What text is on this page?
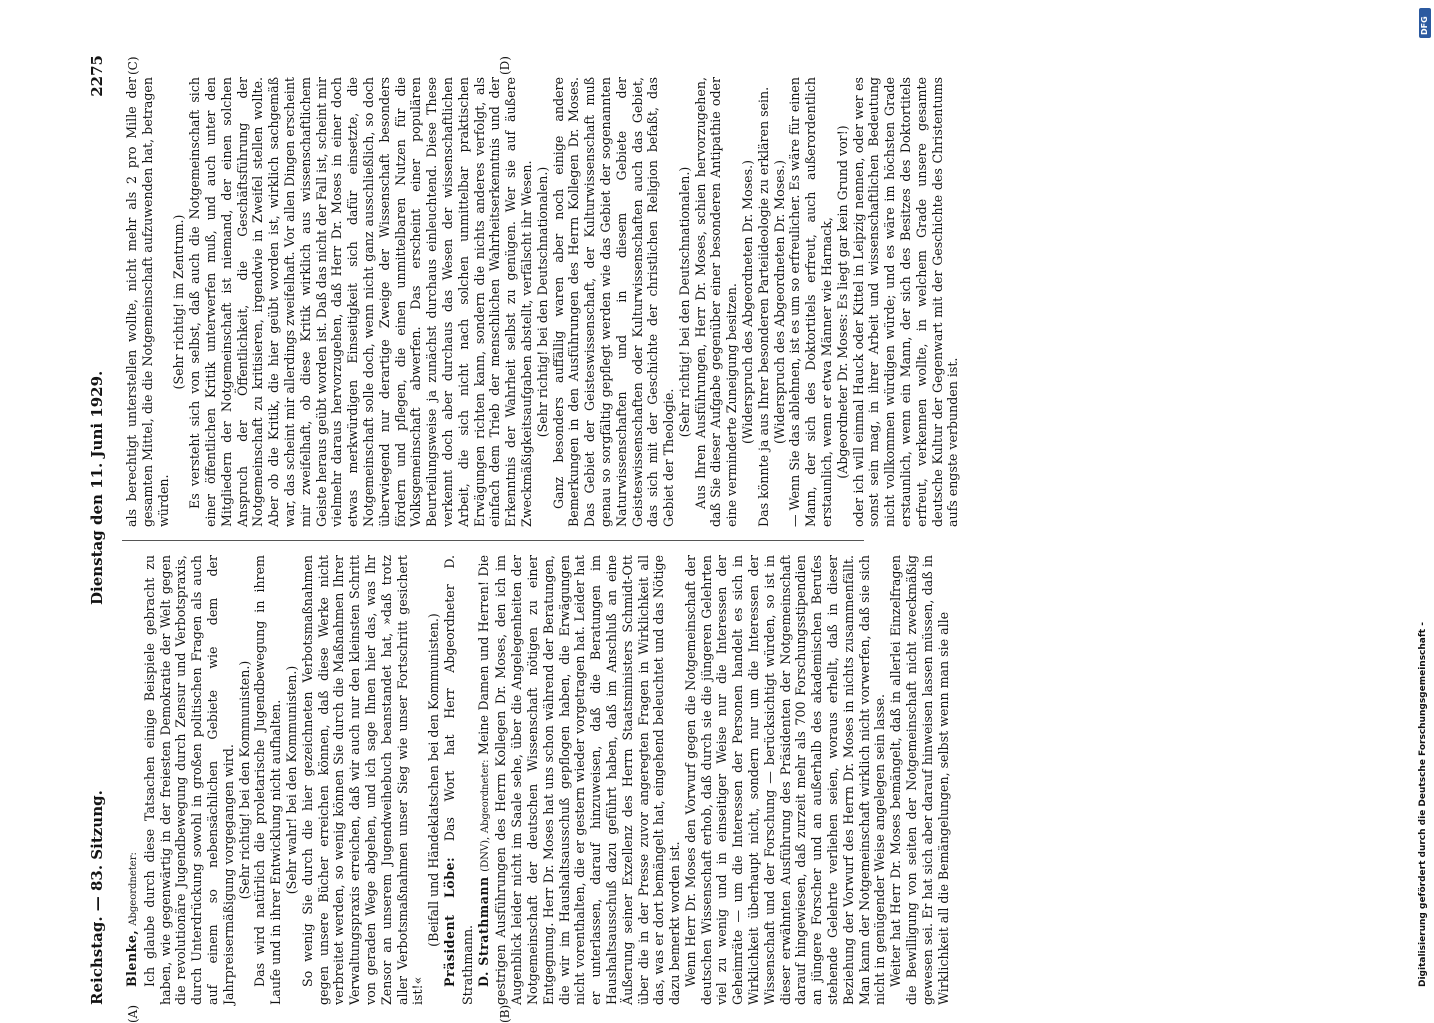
Reichstag. — 83. Sitzung.
Dienstag den 11. Juni 1929.
2275
(A)	(B)
(C)	(D)

Blenke, Abgeordneter: Ich glaube durch diese Tatsachen einige Beispiele gebracht zu haben, wie gegenwärtig in der freiesten Demokratie der Welt gegen die revolutionäre Jugendbewegung durch Zensur und Verbotspraxis, durch Unterdrückung sowohl in großen politischen Fragen als auch auf einem so nebensächlichen Gebiete wie dem der Jahrpreisermäßigung vorgegangen wird. (Sehr richtig! bei den Kommunisten.) Das wird natürlich die proletarische Jugendbewegung in ihrem Laufe und in ihrer Entwicklung nicht aufhalten. (Sehr wahr! bei den Kommunisten.) So wenig Sie durch die hier gezeichneten Verbotsmaßnahmen gegen unsere Bücher erreichen können, daß diese Werke nicht verbreitet werden, so wenig können Sie durch die Maßnahmen Ihrer Verwaltungspraxis erreichen, daß wir auch nur den kleinsten Schritt von geraden Wege abgehen, und ich sage Ihnen hier das, was Ihr Zensor an unserem Jugendweihebuch beanstandet hat, »daß trotz aller Verbotsmaßnahmen unser Sieg wie unser Fortschritt gesichert ist!«

(Beifall und Händeklatschen bei den Kommunisten.) Präsident Löbe: Das Wort hat Herr Abgeordneter D. Strathmann. D. Strathmann (DNV), Abgeordneter: Meine Damen und Herren! Die gestrigen Ausführungen des Herrn Kollegen Dr. Moses, den ich im Augenblick leider nicht im Saale sehe, über die Angelegenheiten der Notgemeinschaft der deutschen Wissenschaft nötigen zu einer Entgegnung. Herr Dr. Moses hat uns schon während der Beratungen, die wir im Haushaltsausschuß gepflogen haben, die Erwägungen nicht vorenthalten, die er gestern wieder vorgetragen hat. Leider hat er unterlassen, darauf hinzuweisen, daß die Beratungen im Haushaltsausschuß dazu geführt haben, daß im Anschluß an eine Äußerung seiner Exzellenz des Herrn Staatsministers Schmidt-Ott über die in der Presse zuvor angeregten Fragen in Wirklichkeit all das, was er dort bemängelt hat, eingehend beleuchtet und das Nötige dazu bemerkt worden ist. Wenn Herr Dr. Moses den Vorwurf gegen die Notgemeinschaft der deutschen Wissenschaft erhob, daß durch sie die jüngeren Gelehrten viel zu wenig und in einseitiger Weise nur die Interessen der Geheimräte — um die Interessen der Personen handelt es sich in Wirklichkeit überhaupt nicht, sondern nur um die Interessen der Wissenschaft und der Forschung — berücksichtigt würden, so ist in dieser erwähnten Ausführung des Präsidenten der Notgemeinschaft darauf hingewiesen, daß zurzeit mehr als 700 Forschungsstipendien an jüngere Forscher und an außerhalb des akademischen Berufes stehende Gelehrte verliehen seien, woraus erhellt, daß in dieser Beziehung der Vorwurf des Herrn Dr. Moses in nichts zusammenfällt. Man kann der Notgemeinschaft wirklich nicht vorwerfen, daß sie sich nicht in genügender Weise angelegen sein lasse. Weiter hat Herr Dr. Moses bemängelt, daß in allerlei Einzelfragen die Bewilligung von seiten der Notgemeinschaft nicht zweckmäßig gewesen sei. Er hat sich aber darauf hinweisen lassen müssen, daß in Wirklichkeit all die Bemängelungen, selbst wenn man sie alle

als berechtigt unterstellen wollte, nicht mehr als 2 pro Mille der gesamten Mittel, die die Notgemeinschaft aufzuwenden hat, betragen würden.

(Sehr richtig! im Zentrum.) Es versteht sich von selbst, daß auch die Notgemeinschaft sich einer öffentlichen Kritik unterwerfen muß, und auch unter den Mitgliedern der Notgemeinschaft ist niemand, der einen solchen Anspruch der Öffentlichkeit, die Geschäftsführung der Notgemeinschaft zu kritisieren, irgendwie in Zweifel stellen wollte. Aber ob die Kritik, die hier geübt worden ist, wirklich sachgemäß war, das scheint mir allerdings zweifelhaft. Vor allen Dingen erscheint mir zweifelhaft, ob diese Kritik wirklich aus wissenschaftlichem Geiste heraus geübt worden ist. Daß das nicht der Fall ist, scheint mir vielmehr daraus hervorzugehen, daß Herr Dr. Moses in einer doch etwas merkwürdigen Einseitigkeit sich dafür einsetzte, die Notgemeinschaft solle doch, wenn nicht ganz ausschließlich, so doch überwiegend nur derartige Zweige der Wissenschaft besonders fördern und pflegen, die einen unmittelbaren Nutzen für die Volksgemeinschaft abwerfen. Das erscheint einer populären Beurteilungsweise ja zunächst durchaus einleuchtend. Diese These verkennt doch aber durchaus das Wesen der wissenschaftlichen Arbeit, die sich nicht nach solchen unmittelbar praktischen Erwägungen richten kann, sondern die nichts anderes verfolgt, als einfach dem Trieb der menschlichen Wahrheitserkenntnis und der Erkenntnis der Wahrheit selbst zu genügen. Wer sie auf äußere Zweckmäßigkeitsaufgaben abstellt, verfälscht ihr Wesen. (Sehr richtig! bei den Deutschnationalen.) Ganz besonders auffällig waren aber noch einige andere Bemerkungen in den Ausführungen des Herrn Kollegen Dr. Moses. Das Gebiet der Geisteswissenschaft, der Kulturwissenschaft muß genau so sorgfältig gepflegt werden wie das Gebiet der sogenannten Naturwissenschaften und in diesem Gebiete der Geisteswissenschaften oder Kulturwissenschaften auch das Gebiet, das sich mit der Geschichte der christlichen Religion befaßt, das Gebiet der Theologie.

(Sehr richtig! bei den Deutschnationalen.) Aus Ihren Ausführungen, Herr Dr. Moses, schien hervorzugehen, daß Sie dieser Aufgabe gegenüber einer besonderen Antipathie oder eine verminderte Zuneigung besitzen. (Widerspruch des Abgeordneten Dr. Moses.) Das könnte ja aus Ihrer besonderen Parteiideologie zu erklären sein. (Widerspruch des Abgeordneten Dr. Moses.) — Wenn Sie das ablehnen, ist es um so erfreulicher. Es wäre für einen Mann, der sich des Doktortitels erfreut, auch außerordentlich erstaunlich, wenn er etwa Männer wie Harnack, (Abgeordneter Dr. Moses: Es liegt gar kein Grund vor!) oder ich will einmal Hauck oder Kittel in Leipzig nennen, oder wer es sonst sein mag, in ihrer Arbeit und wissenschaftlichen Bedeutung nicht vollkommen würdigen würde; und es wäre im höchsten Grade erstaunlich, wenn ein Mann, der sich des Besitzes des Doktortitels erfreut, verkennen wollte, in welchem Grade unsere gesamte deutsche Kultur der Gegenwart mit der Geschichte des Christentums aufs engste verbunden ist.

Digitalisierung gefördert durch die Deutsche Forschungsgemeinschaft -
DFG
